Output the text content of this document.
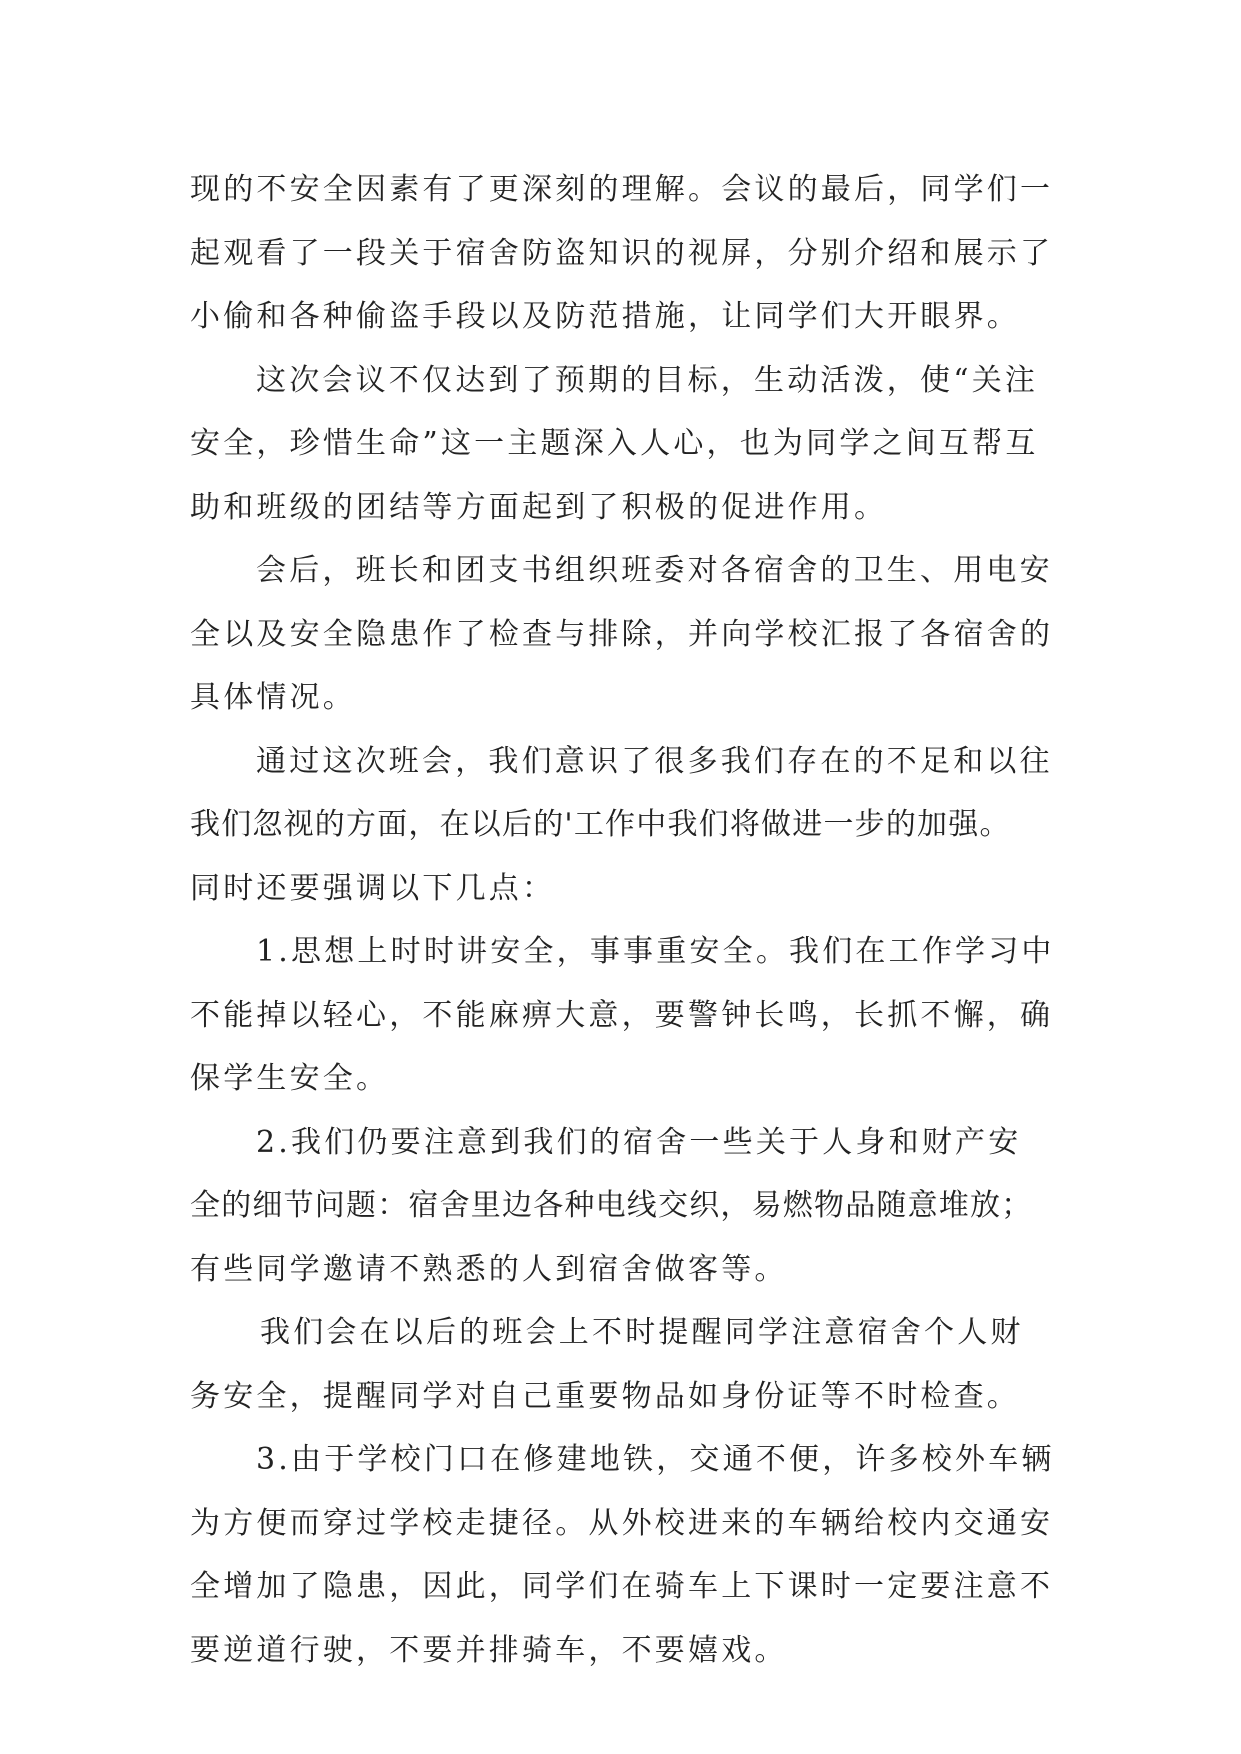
现的不安全因素有了更深刻的理解。会议的最后，同学们一
起观看了一段关于宿舍防盗知识的视屏，分别介绍和展示了
小偷和各种偷盗手段以及防范措施，让同学们大开眼界。
这次会议不仅达到了预期的目标，生动活泼，使“关注
安全，珍惜生命”这一主题深入人心，也为同学之间互帮互
助和班级的团结等方面起到了积极的促进作用。
会后，班长和团支书组织班委对各宿舍的卫生、用电安
全以及安全隐患作了检查与排除，并向学校汇报了各宿舍的
具体情况。
通过这次班会，我们意识了很多我们存在的不足和以往
我们忽视的方面，在以后的'工作中我们将做进一步的加强。
同时还要强调以下几点：
1.思想上时时讲安全，事事重安全。我们在工作学习中
不能掉以轻心，不能麻痹大意，要警钟长鸣，长抓不懈，确
保学生安全。
2.我们仍要注意到我们的宿舍一些关于人身和财产安
全的细节问题：宿舍里边各种电线交织，易燃物品随意堆放；
有些同学邀请不熟悉的人到宿舍做客等。
我们会在以后的班会上不时提醒同学注意宿舍个人财
务安全，提醒同学对自己重要物品如身份证等不时检查。
3.由于学校门口在修建地铁，交通不便，许多校外车辆
为方便而穿过学校走捷径。从外校进来的车辆给校内交通安
全增加了隐患，因此，同学们在骑车上下课时一定要注意不
要逆道行驶，不要并排骑车，不要嬉戏。
